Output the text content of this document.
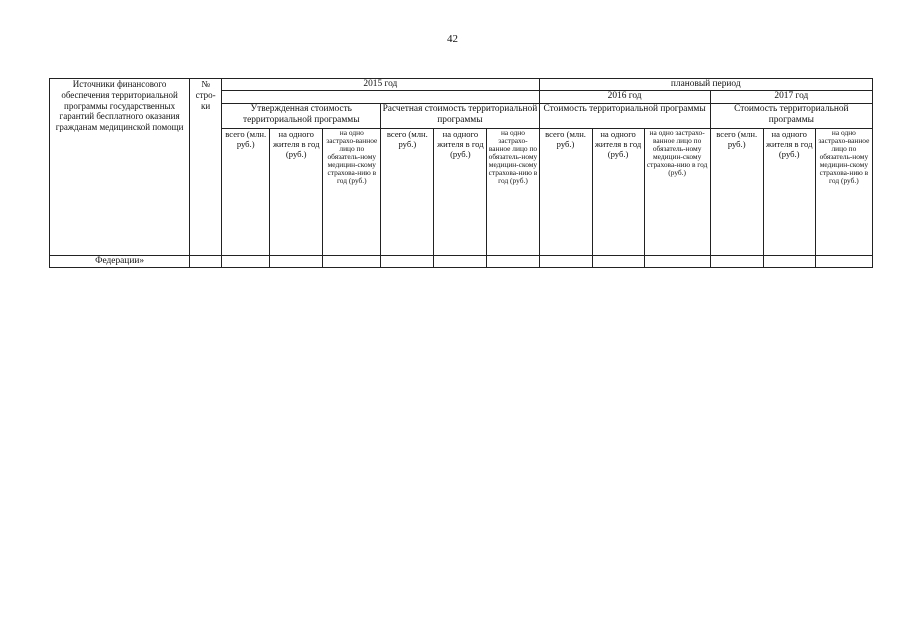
42
Источники финансового обеспечения территориальной программы государственных гарантий бесплатного оказания гражданам медицинской помощи	№ стро-ки	2015 год						плановый период					
								2016 год			2017 год		
		Утвержденная стоимость территориальной программы			Расчетная стоимость территориальной программы			Стоимость территориальной программы			Стоимость территориальной программы		
		всего (млн. руб.)	на одного жителя в год (руб.)	на одно застрахо-ванное лицо по обязатель-ному медицин-скому страхова-нию в год (руб.)	всего (млн. руб.)	на одного жителя в год (руб.)	на одно застрахо-ванное лицо по обязатель-ному медицин-скому страхова-нию в год (руб.)	всего (млн. руб.)	на одного жителя в год (руб.)	на одно застрахо-ванное лицо по обязатель-ному медицин-скому страхова-нию в год (руб.)	всего (млн. руб.)	на одного жителя в год (руб.)	на одно застрахо-ванное лицо по обязатель-ному медицин-скому страхова-нию в год (руб.)
Федерации»													
